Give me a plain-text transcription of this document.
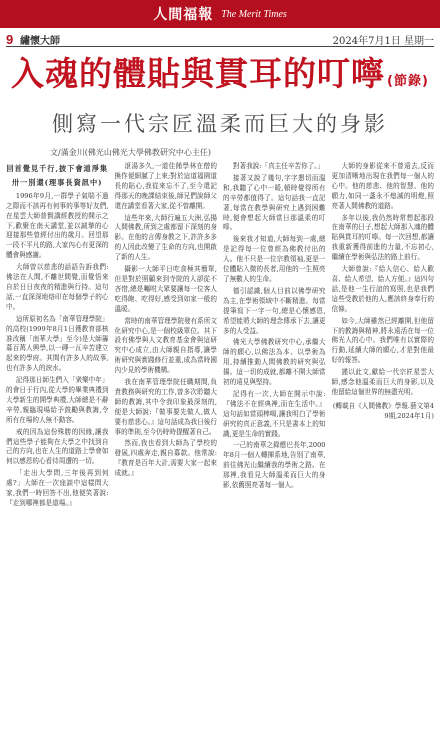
人間福報 The Merit Times
9 繡懷大師	2024年7月1日 星期一
入魂的體貼與貫耳的叮嚀 (節錄)
側寫一代宗匠溫柔而巨大的身影
文/滿金川(佛光山佛光大學佛教研究中心主任)

回首覺見千行,披下會道淨集

卅一別還(理事長資訊中)

1996年9月,一群學子氣喘不過之際而不該再有何事的事等好友們,在星雲大師普賢講經教授的開示之下,歡聚在南天講堂,並以誠摯的心迎接那些曾經付出的歲月。回望那一段不平凡的路,大家內心有更深的體會與感謝。

大師曾以慈悲的話語告訴我們:佛法在人間,不離世間覺,而覺悟來自於日日夜夜的精進與行持。這句話,一直深深地烙印在每個學子的心中。

這所原初名為「南華管理學院」的高校(1999年8月1日獲教育部核准改稱「南華大學」至今)是大師籌募百萬人興學,以一磚一瓦辛苦建立起來的學府。其間有許多人的故事,也有許多人的淚水。

記得那日師生們入「衆樂中年」的會日于行內,從大學的畢業典禮到大學新生的開學典禮,大師總是不辭辛勞,親臨現場給予鼓勵與教誨,令所有在場的人無不動容。

戒的因為這份殊勝的因緣,讓我們這些學子能夠在大學之中找到自己的方向,也在人生的道路上學會如何以感恩的心看待周遭的一切。

「走出大學問,三年後再到何處?」大師在一次座談中這樣問大家,我們一時回答不出,他便笑著說:『走到哪裡都是道場。』

滾湯多久,一道佳餚學林在僧的換作便細膩了上來;對於這道福園道長的貼心,我從來忘不了,至今還記得那天的晚課結束後,師兄們說師父還在講堂看著大家,從不曾離開。

這些年來,大師行遍五大洲,弘揚人間佛教,所到之處都留下深刻的身影。在他的言傳身教之下,許許多多的人因此改變了生命的方向,也開啟了新的人生。

攝影一大師平日吃食極其簡單,但是對於照顧來到寺院的人卻從不吝惜,總是囑咐大眾要讓每一位客人吃得飽、吃得好,感受到如家一般的溫暖。

當時的南華管理學院發有系所文化研究中心,是一個校級單位。其下設有佛學與人文教育基金會與這研究中心成立,由大師親自指導,讓學術研究與實踐修行並重,成為當時國內少見的學術機構。

我在南華管理學院任職期間,負責教務與研究的工作,曾多次聆聽大師的教誨,其中令我印象最深刻的,便是大師說:『做事要先做人,做人要有慈悲心。』這句話成為我日後行事的準則,至今仍時時提醒著自己。

然而,我也看到大師為了學校的發展,四處奔走,親自募款。他常說:『教育是百年大計,需要大家一起來成就。』

對著我說:「真主任辛苦你了。」

接著又說了幾句,字字懇切而溫和,我聽了心中一暖,頓時覺得所有的辛勞都值得了。這句話我一直記著,每當在教學與研究上遇到困難時,便會想起大師當日那溫柔的叮嚀。

後來我才知道,大師每到一處,總是記得每一位曾經為佛教付出的人。他不只是一位宗教領袖,更是一位體貼入微的長者,用他的一生照亮了無數人的生命。

德引認識,個人目前以佛學研究為主,在學術領域中不斷精進。每當提筆寫下一字一句,總是心懷感恩,希望能將大師的理念傳承下去,讓更多的人受益。

佛光大學佛教研究中心,承繼大師的願心,以佛法為本、以學術為用,持續推動人間佛教的研究與弘揚。這一切的成就,都離不開大師當初的遠見與堅持。

記得有一次,大師在開示中說:『佛法不在經典裡,而在生活中。』這句話如當頭棒喝,讓我明白了學術研究的真正意義,不只是書本上的知識,更是生命的實踐。

一己的南華之錄應巴長年,2000年8月一個人轉揮系地,告別了南華,前往佛光山繼續我的學術之路。在那裡,我看見大師溫柔而巨大的身影,依舊照亮著每一個人。

大師的身影從來不曾遠去,反而更加清晰地出現在我們每一個人的心中。他的慈悲、他的智慧、他的願力,如同一盞永不熄滅的明燈,照亮著人間佛教的道路。

多年以後,我仍然時常想起那段在南華的日子,想起大師那入魂的體貼與貫耳的叮嚀。每一次回想,都讓我重新獲得前進的力量,不忘初心,繼續在學術與弘法的路上前行。

大師曾說:『給人信心、給人歡喜、給人希望、給人方便。』這四句話,是他一生行誼的寫照,也是我們這些受教於他的人,應該終身奉行的信條。

如今,大師雖然已經離開,但他留下的教誨與精神,將永遠活在每一位佛光人的心中。我們唯有以實際的行動,延續大師的願心,才是對他最好的報答。

謹以此文,獻給一代宗匠星雲大師,感念他溫柔而巨大的身影,以及他留給這個世界的無盡光明。

(轉載自《人間佛教》學報.藝文第49期,2024年1月)
